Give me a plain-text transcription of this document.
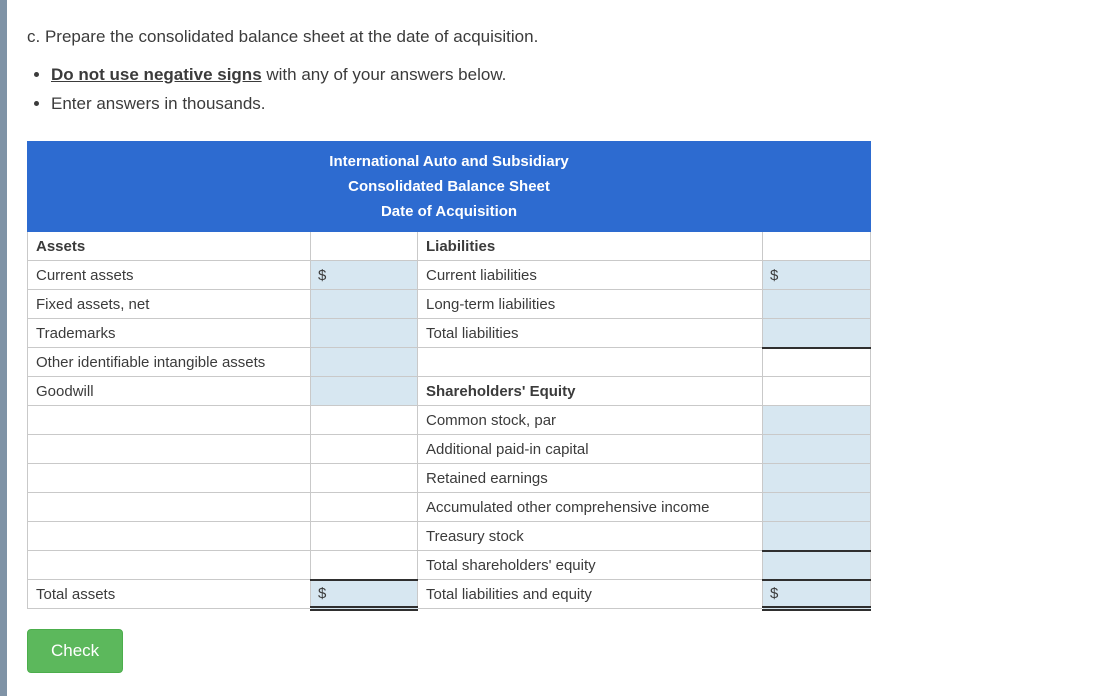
c. Prepare the consolidated balance sheet at the date of acquisition.

• Do not use negative signs with any of your answers below.
• Enter answers in thousands.
International Auto and Subsidiary
Consolidated Balance Sheet
Date of Acquisition			

Assets		Liabilities	
Current assets	$	Current liabilities	$

Fixed assets, net		Long-term liabilities	

Trademarks		Total liabilities	

Other identifiable intangible assets	

Goodwill		Shareholders' Equity	
		Common stock, par	

		Additional paid-in capital	

		Retained earnings	

		Accumulated other comprehensive income	

		Treasury stock	

		Total shareholders' equity	

Total assets	$	Total liabilities and equity	$
Check
